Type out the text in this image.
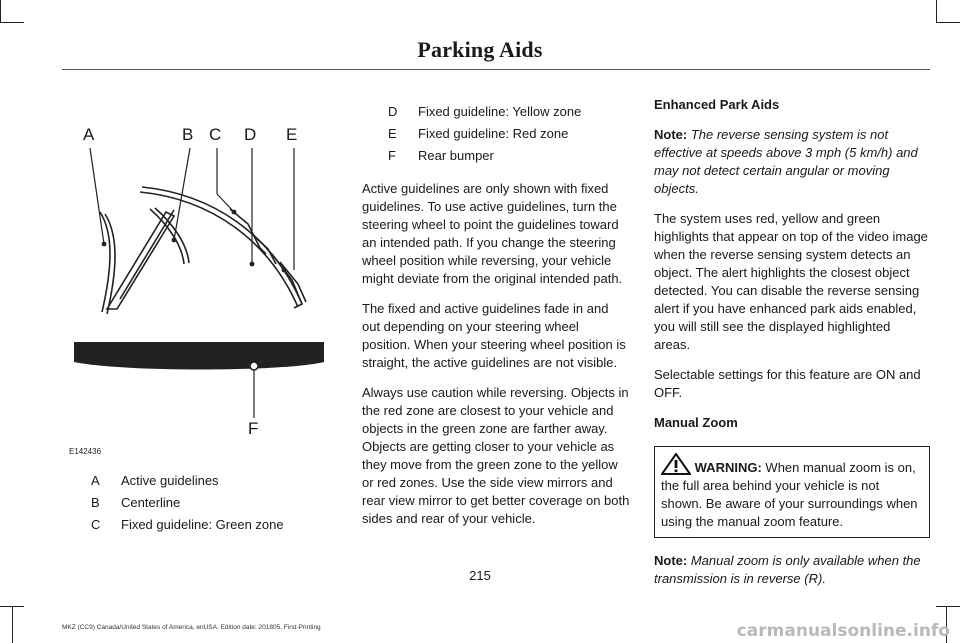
Parking Aids
A	B C D E
F
E142436
A	Active guidelines
B	Centerline
C	Fixed guideline: Green zone
D	Fixed guideline: Yellow zone
E	Fixed guideline: Red zone
F	Rear bumper

Active guidelines are only shown with fixed guidelines. To use active guidelines, turn the steering wheel to point the guidelines toward an intended path. If you change the steering wheel position while reversing, your vehicle might deviate from the original intended path.

The fixed and active guidelines fade in and out depending on your steering wheel position. When your steering wheel position is straight, the active guidelines are not visible.

Always use caution while reversing. Objects in the red zone are closest to your vehicle and objects in the green zone are farther away. Objects are getting closer to your vehicle as they move from the green zone to the yellow or red zones. Use the side view mirrors and rear view mirror to get better coverage on both sides and rear of your vehicle.

Enhanced Park Aids

Note: The reverse sensing system is not effective at speeds above 3 mph (5 km/h) and may not detect certain angular or moving objects.

The system uses red, yellow and green highlights that appear on top of the video image when the reverse sensing system detects an object. The alert highlights the closest object detected. You can disable the reverse sensing alert if you have enhanced park aids enabled, you will still see the displayed highlighted areas.

Selectable settings for this feature are ON and OFF.

Manual Zoom

WARNING: When manual zoom is on, the full area behind your vehicle is not shown. Be aware of your surroundings when using the manual zoom feature.

Note: Manual zoom is only available when the transmission is in reverse (R).

215
MKZ (CC9) Canada/United States of America, enUSA, Edition date: 201805, First-Printing	carmanualsonline.info
